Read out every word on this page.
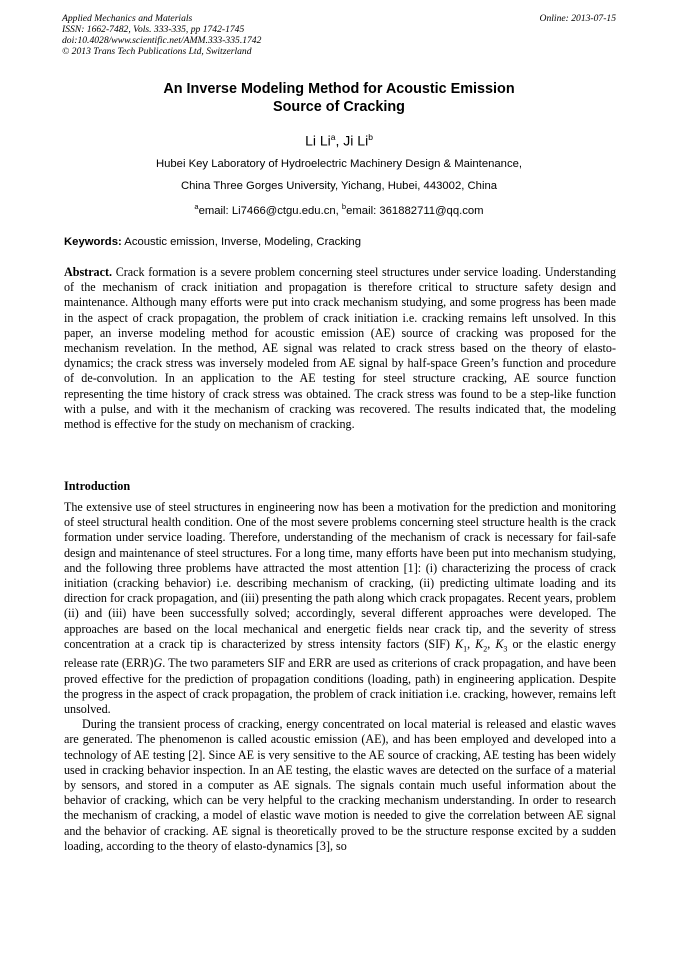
Applied Mechanics and Materials
ISSN: 1662-7482, Vols. 333-335, pp 1742-1745
doi:10.4028/www.scientific.net/AMM.333-335.1742
© 2013 Trans Tech Publications Ltd, Switzerland
Online: 2013-07-15
An Inverse Modeling Method for Acoustic Emission
Source of Cracking
Li Li$^a$, Ji Li$^b$
Hubei Key Laboratory of Hydroelectric Machinery Design & Maintenance,
China Three Gorges University, Yichang, Hubei, 443002, China
$^a$email: Li7466@ctgu.edu.cn, $^b$email: 361882711@qq.com
Keywords: Acoustic emission, Inverse, Modeling, Cracking
Abstract. Crack formation is a severe problem concerning steel structures under service loading. Understanding of the mechanism of crack initiation and propagation is therefore critical to structure safety design and maintenance. Although many efforts were put into crack mechanism studying, and some progress has been made in the aspect of crack propagation, the problem of crack initiation i.e. cracking remains left unsolved. In this paper, an inverse modeling method for acoustic emission (AE) source of cracking was proposed for the mechanism revelation. In the method, AE signal was related to crack stress based on the theory of elasto-dynamics; the crack stress was inversely modeled from AE signal by half-space Green’s function and procedure of de-convolution. In an application to the AE testing for steel structure cracking, AE source function representing the time history of crack stress was obtained. The crack stress was found to be a step-like function with a pulse, and with it the mechanism of cracking was recovered. The results indicated that, the modeling method is effective for the study on mechanism of cracking.
Introduction
The extensive use of steel structures in engineering now has been a motivation for the prediction and monitoring of steel structural health condition. One of the most severe problems concerning steel structure health is the crack formation under service loading. Therefore, understanding of the mechanism of crack is necessary for fail-safe design and maintenance of steel structures. For a long time, many efforts have been put into mechanism studying, and the following three problems have attracted the most attention [1]: (i) characterizing the process of crack initiation (cracking behavior) i.e. describing mechanism of cracking, (ii) predicting ultimate loading and its direction for crack propagation, and (iii) presenting the path along which crack propagates. Recent years, problem (ii) and (iii) have been successfully solved; accordingly, several different approaches were developed. The approaches are based on the local mechanical and energetic fields near crack tip, and the severity of stress concentration at a crack tip is characterized by stress intensity factors (SIF) $K_1$, $K_2$, $K_3$ or the elastic energy release rate (ERR)G. The two parameters SIF and ERR are used as criterions of crack propagation, and have been proved effective for the prediction of propagation conditions (loading, path) in engineering application. Despite the progress in the aspect of crack propagation, the problem of crack initiation i.e. cracking, however, remains left unsolved.
During the transient process of cracking, energy concentrated on local material is released and elastic waves are generated. The phenomenon is called acoustic emission (AE), and has been employed and developed into a technology of AE testing [2]. Since AE is very sensitive to the AE source of cracking, AE testing has been widely used in cracking behavior inspection. In an AE testing, the elastic waves are detected on the surface of a material by sensors, and stored in a computer as AE signals. The signals contain much useful information about the behavior of cracking, which can be very helpful to the cracking mechanism understanding. In order to research the mechanism of cracking, a model of elastic wave motion is needed to give the correlation between AE signal and the behavior of cracking. AE signal is theoretically proved to be the structure response excited by a sudden loading, according to the theory of elasto-dynamics [3], so
